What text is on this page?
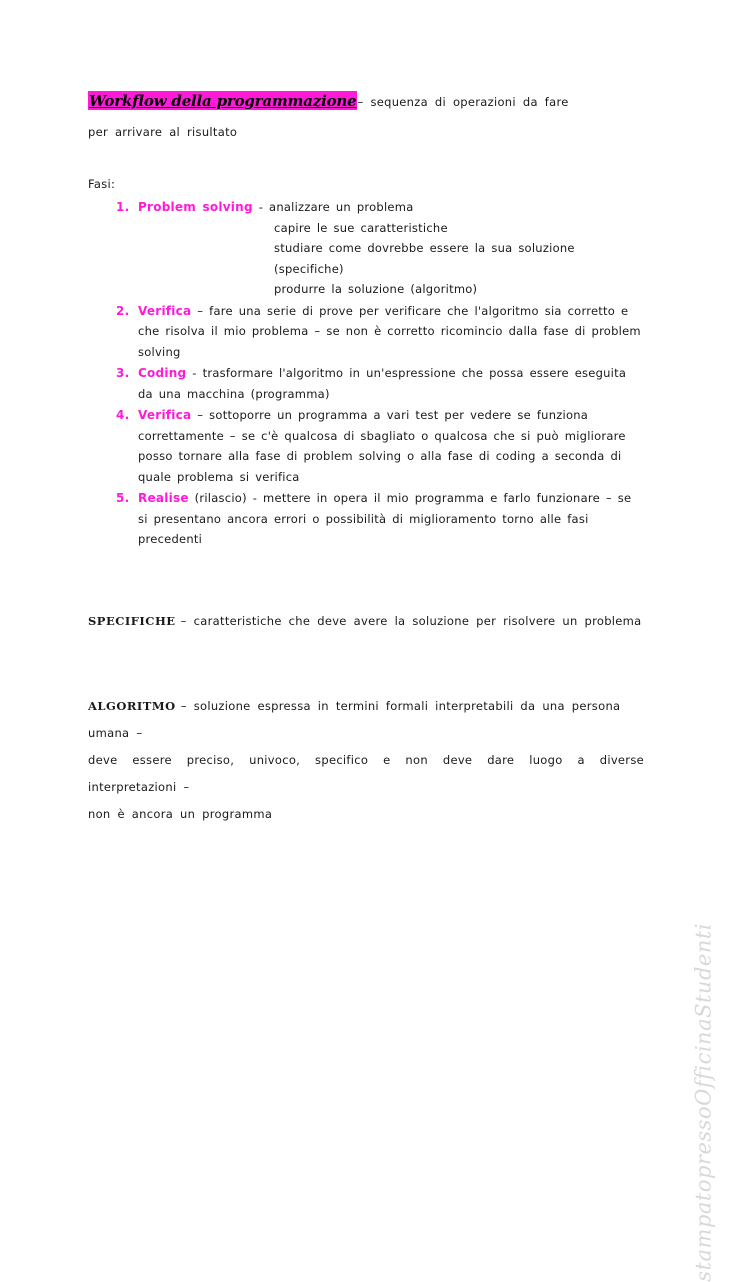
Workflow della programmazione– sequenza di operazioni da fare
per arrivare al risultato
Fasi:
1. Problem solving - analizzare un problema
capire le sue caratteristiche
studiare come dovrebbe essere la sua soluzione (specifiche)
produrre la soluzione (algoritmo)
2. Verifica – fare una serie di prove per verificare che l'algoritmo sia corretto e che risolva il mio problema – se non è corretto ricomincio dalla fase di problem solving
3. Coding - trasformare l'algoritmo in un'espressione che possa essere eseguita da una macchina (programma)
4. Verifica – sottoporre un programma a vari test per vedere se funziona correttamente – se c'è qualcosa di sbagliato o qualcosa che si può migliorare posso tornare alla fase di problem solving o alla fase di coding a seconda di quale problema si verifica
5. Realise (rilascio) - mettere in opera il mio programma e farlo funzionare – se si presentano ancora errori o possibilità di miglioramento torno alle fasi precedenti
SPECIFICHE – caratteristiche che deve avere la soluzione per risolvere un problema
ALGORITMO – soluzione espressa in termini formali interpretabili da una persona umana –
deve essere preciso, univoco, specifico e non deve dare luogo a diverse interpretazioni –
non è ancora un programma
stampatopressoOfficinaStudenti
